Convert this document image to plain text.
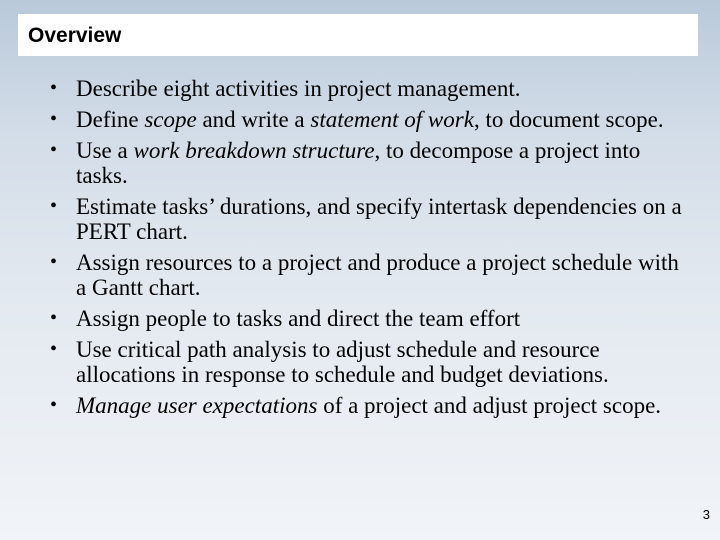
Overview
• Describe eight activities in project management.
• Define scope and write a statement of work, to document scope.
• Use a work breakdown structure, to decompose a project into tasks.
• Estimate tasks’ durations, and specify intertask dependencies on a PERT chart.
• Assign resources to a project and produce a project schedule with a Gantt chart.
• Assign people to tasks and direct the team effort
• Use critical path analysis to adjust schedule and resource allocations in response to schedule and budget deviations.
• Manage user expectations of a project and adjust project scope.
3
